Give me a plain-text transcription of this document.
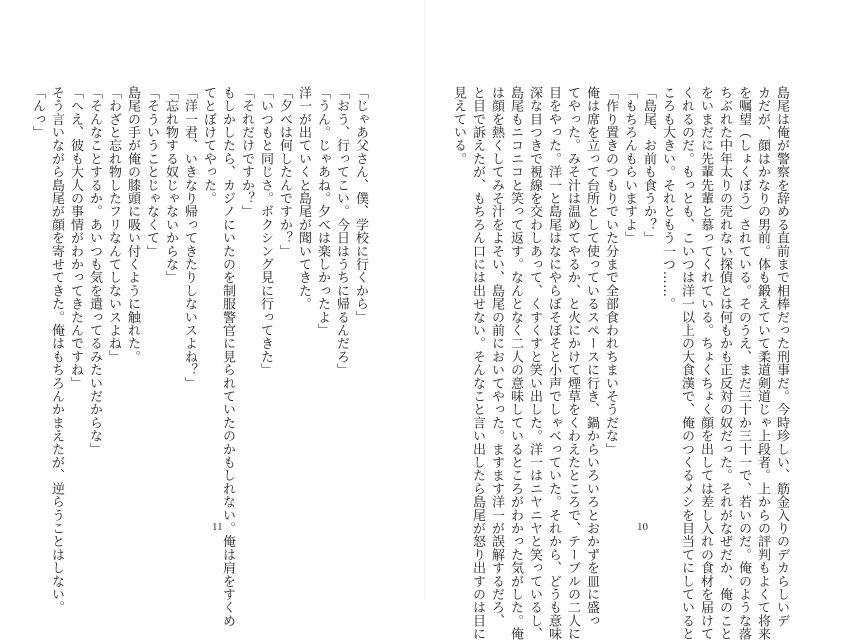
「じゃあ父さん、僕、学校に行くから」
「おう、行ってこい。今日はうちに帰るんだろ」
「うん。じゃあね。夕べは楽しかったよ」
洋一が出ていくと島尾が聞いてきた。
「夕べは何したんですか？」
「いつもと同じさ。ボクシング見に行ってきた」
「それだけですか？」
もしかしたら、カジノにいたのを制服警官に見られていたのかもしれない。俺は肩をすくめ
てとぼけてやった。
「洋一君、いきなり帰ってきたりしないスよね？」
「忘れ物する奴じゃないからな」
「そういうことじゃなくて」
島尾の手が俺の膝頭に吸い付くように触れた。
「わざと忘れ物したフリなんてしないスよね」
「そんなことするか。あいつも気を遣ってるみたいだからな」
「へえ、彼も大人の事情がわかってきたんですね」
そう言いながら島尾が顔を寄せてきた。俺はもちろんかまえたが、逆らうことはしない。
「んっ」
11	島尾は俺が警察を辞める直前まで相棒だった刑事だ。今時珍しい、筋金入りのデカらしいデ
カだが、顔はかなりの男前。体も鍛えていて柔道剣道じゃ上段者。上からの評判もよくて将来
を嘱望（しょくぼう）されている。そのうえ、まだ三十か三十一で、若いのだ。俺のような落
ちぶれた中年太りの売れない探偵とは何もかも正反対の奴だった。それがなぜだか、俺のこと
をいまだに先輩先輩と慕ってくれている。ちょくちょく顔を出しては差し入れの食材を届けて
くれるのだ。もっとも、こいつは洋一以上の大食漢で、俺のつくるメシを目当てにしていると
ころも大きい。それともう一つ……。
「島尾、お前も食うか？」
「もちろんもらいますよ」
「作り置きのつもりでいた分まで全部食われちまいそうだな」
俺は席を立って台所として使っているスペースに行き、鍋からいろいろとおかずを皿に盛っ
てやった。みそ汁は温めてやるか、と火にかけて煙草をくわえたところで、テーブルの二人に
目をやった。洋一と島尾はなにやらぼそぼそと小声でしゃべっていた。それから、どうも意味
深な目つきで視線を交わしあって、くすくすと笑い出した。洋一はニヤニヤと笑っているし、
島尾もニコニコと笑って返す。なんとなく二人の意味しているところがわかった気がした。俺
は顔を熱くしてみそ汁をよそい、島尾の前においてやった。ますます洋一が誤解するだろ、
と目で訴えたが、もちろん口には出せない。そんなこと言い出したら島尾が怒り出すのは目に
見えている。
10
